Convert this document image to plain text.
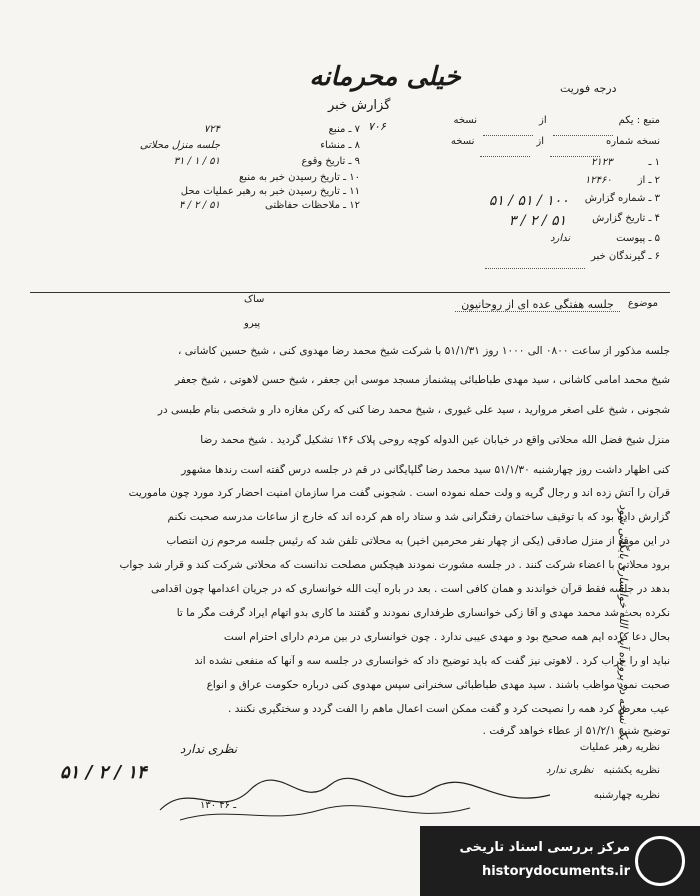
خیلی محرمانه
گزارش خبر
درجه فوریت
۷۰۶	منبع : یکم
از
نسخه
نسخه شماره
از
نسخه
۱ ـ
۲۱۲۳
۲ ـ از
۱۲۴۶۰
۳ ـ شماره گزارش
۱۰۰ / ۵۱ / ۵۱
۴ ـ تاریخ گزارش
۵۱ / ۲ / ۳
۵ ـ پیوست
ندارد
۶ ـ گیرندگان خبر
۷ ـ منبع
۷۲۴
۸ ـ منشاء
جلسه منزل محلاتی
۹ ـ تاریخ وقوع
۵۱ / ۱ / ۳۱
۱۰ ـ تاریخ رسیدن خبر به منبع
۱۱ ـ تاریخ رسیدن خبر به رهبر عملیات محل
۱۲ ـ ملاحظات حفاظتی
۵۱ / ۲ / ۴
ساک
پیرو
موضوع
جلسه هفتگی عده ای از روحانیون
جلسه مذکور از ساعت ۰۸۰۰ الی ۱۰۰۰ روز ۵۱/۱/۳۱ با شرکت شیخ محمد رضا مهدوی کنی ، شیخ حسین کاشانی ،
شیخ محمد امامی کاشانی ، سید مهدی طباطبائی پیشنماز مسجد موسی ابن جعفر ، شیخ حسن لاهوتی ، شیخ جعفر
شجونی ، شیخ علی اصغر مروارید ، سید علی غیوری ، شیخ محمد رضا کنی که رکن مغازه دار و شخصی بنام طبسی در
منزل شیخ فضل الله محلاتی واقع در خیابان عین الدوله کوچه روحی پلاک ۱۴۶ تشکیل گردید . شیخ محمد رضا
کنی اظهار داشت روز چهارشنبه ۵۱/۱/۳۰ سید محمد رضا گلپایگانی در قم در جلسه درس گفته است رندها مشهور
قرآن را آتش زده اند و رجال گریه و ولت حمله نموده است . شجونی گفت مرا سازمان امنیت احضار کرد مورد چون ماموریت
گزارش داده بود که با توقیف ساختمان رفتگرانی شد و ستاد راه هم کرده اند که خارج از ساعات مدرسه صحبت نکنم
در این موقع از منزل صادقی (یکی از چهار نفر محرمین اخیر) به محلاتی تلفن شد که رئیس جلسه مرحوم زن انتصاب
برود محلاتی با اعضاء شرکت کنند . در جلسه مشورت نمودند هیچکس مصلحت ندانست که محلاتی شرکت کند و قرار شد جواب
بدهد در جلسه فقط قرآن خواندند و همان کافی است . بعد در باره آیت الله خوانساری که در جریان اعدامها چون اقدامی
نکرده بحث شد محمد مهدی و آقا زکی خوانساری طرفداری نمودند و گفتند ما کاری بدو اتهام ایراد گرفت مگر ما تا
بحال دعا کرده ایم همه صحیح بود و مهدی عیبی ندارد . چون خوانساری در بین مردم دارای احترام است
نباید او را خراب کرد . لاهوتی نیز گفت که باید توضیح داد که خوانساری در جلسه سه و آنها که منفعی نشده اند
صحبت نمود مواظب باشند . سید مهدی طباطبائی سخنرانی سپس مهدوی کنی درباره حکومت عراق و انواع
عیب معرض کرد همه را نصیحت کرد و گفت ممکن است اعمال ماهم را الفت گردد و سختگیری نکنند .
توضیح شنبه ۵۱/۲/۱ از عطاء خواهد گرفت .
نظریه رهبر عملیات
نظری ندارد
نظریه یکشنبه
نظری ندارد
نظریه چهارشنبه
۵۱ / ۲ / ۱۴
۱۳۰ ـ ۴۶
یک نسخه در پرونده آیت الله خوانساری بایگانی شود
مرکز بررسی اسناد تاریخی
historydocuments.ir
